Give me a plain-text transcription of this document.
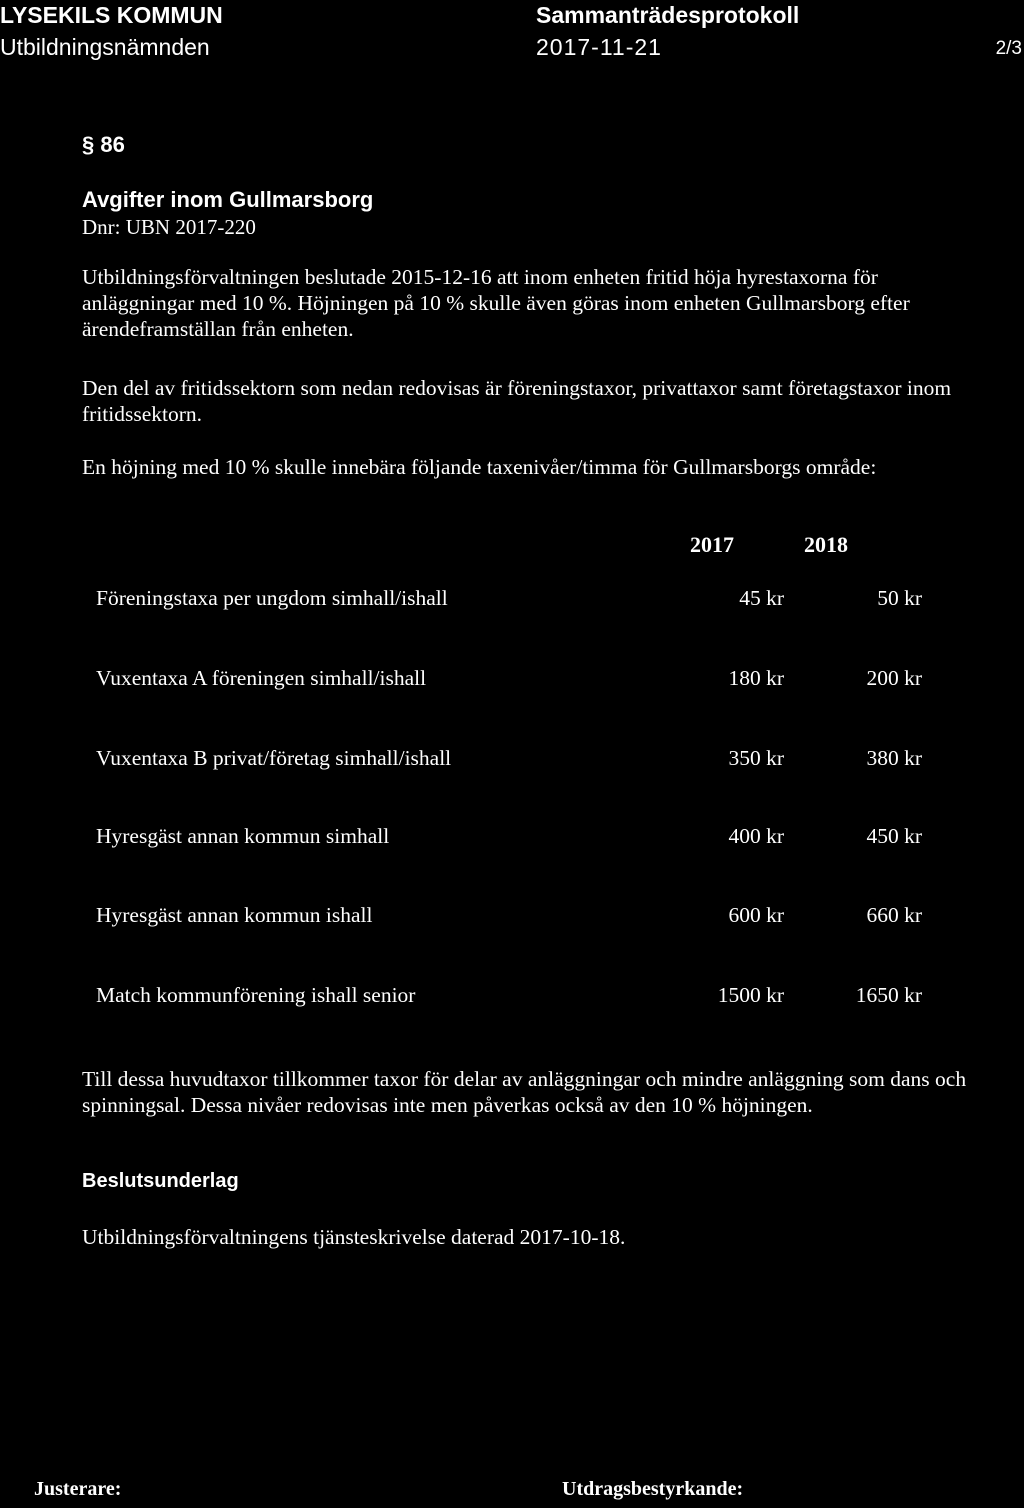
LYSEKILS KOMMUN	Sammanträdesprotokoll
Utbildningsnämnden	2017-11-21	2/3
§ 86
Avgifter inom Gullmarsborg
Dnr: UBN 2017-220
Utbildningsförvaltningen beslutade 2015-12-16 att inom enheten fritid höja hyrestaxorna för anläggningar med 10 %. Höjningen på 10 % skulle även göras inom enheten Gullmarsborg efter ärendeframställan från enheten.
Den del av fritidssektorn som nedan redovisas är föreningstaxor, privattaxor samt företagstaxor inom fritidssektorn.
En höjning med 10 % skulle innebära följande taxenivåer/timma för Gullmarsborgs område:
2017	2018
Föreningstaxa per ungdom simhall/ishall	45 kr	50 kr
Vuxentaxa A föreningen simhall/ishall	180 kr	200 kr
Vuxentaxa B privat/företag simhall/ishall	350 kr	380 kr
Hyresgäst annan kommun simhall	400 kr	450 kr
Hyresgäst annan kommun ishall	600 kr	660 kr
Match kommunförening ishall senior	1500 kr	1650 kr
Till dessa huvudtaxor tillkommer taxor för delar av anläggningar och mindre anläggning som dans och spinningsal. Dessa nivåer redovisas inte men påverkas också av den 10 % höjningen.
Beslutsunderlag
Utbildningsförvaltningens tjänsteskrivelse daterad 2017-10-18.
Justerare:	Utdragsbestyrkande:
